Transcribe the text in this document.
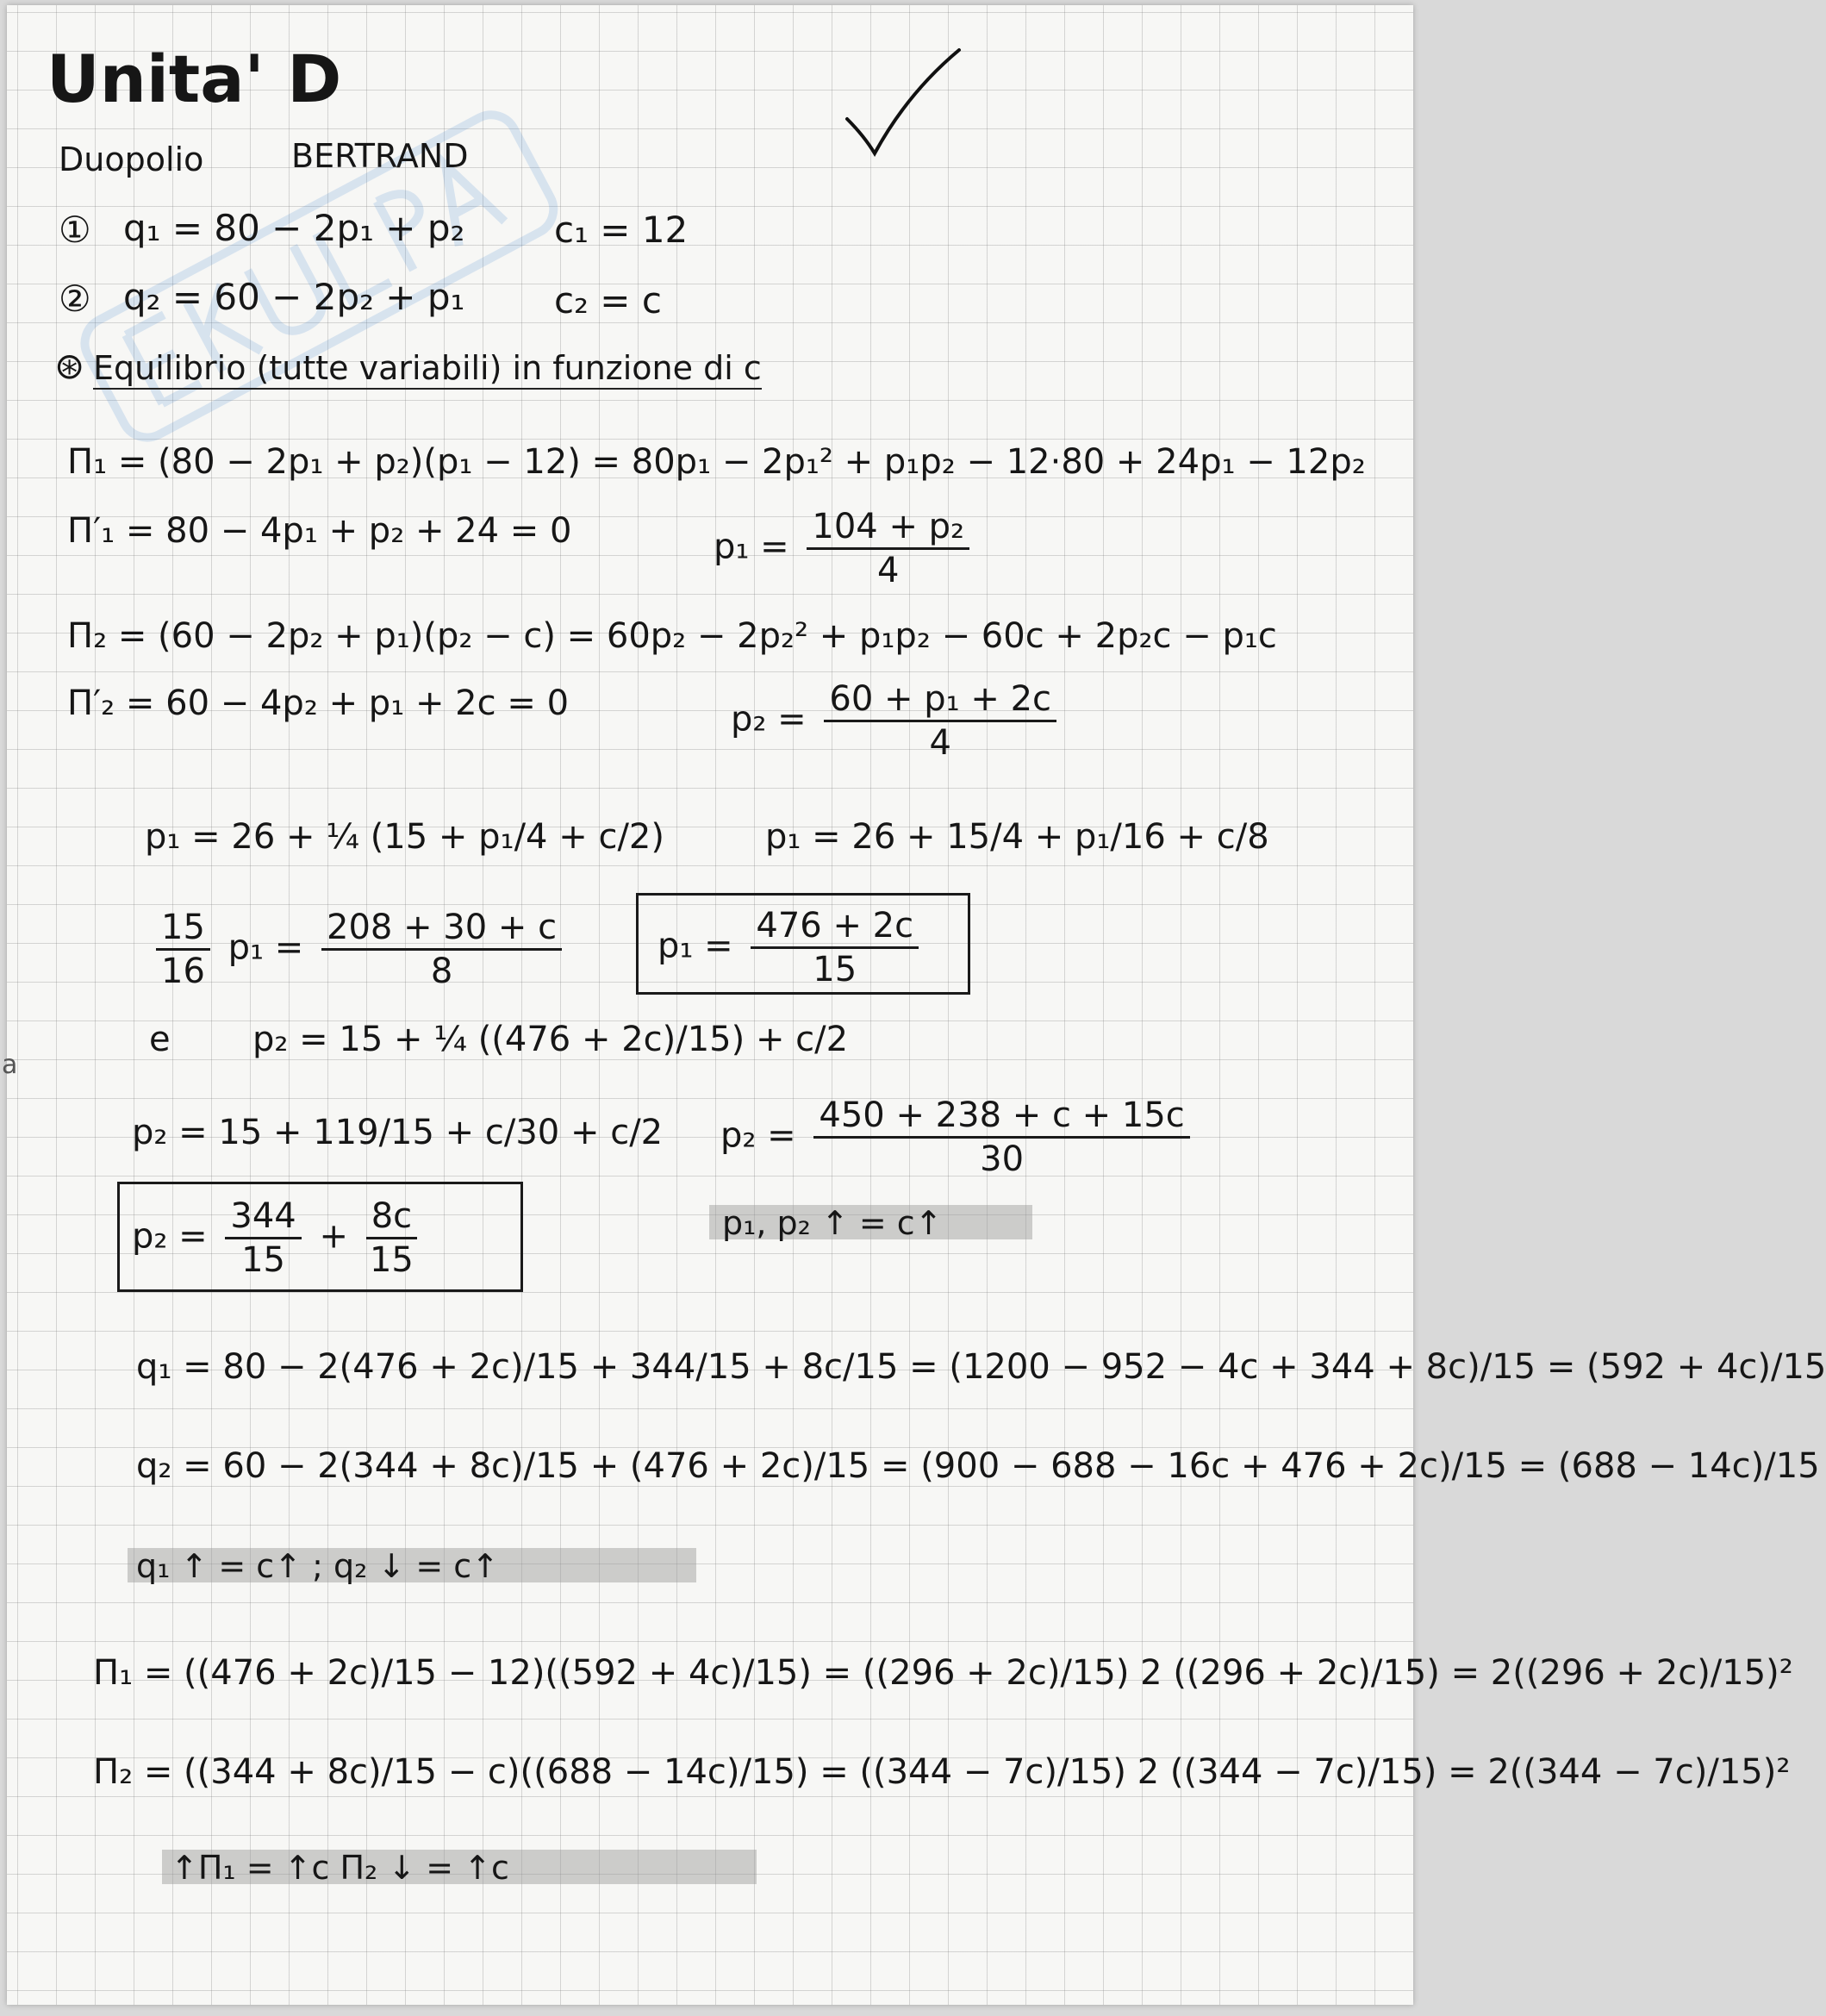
Unita' D
Duopolio	BERTRAND
① q₁ = 80 − 2p₁ + p₂ c₁ = 12
② q₂ = 60 − 2p₂ + p₁ c₂ = c
⊛ Equilibrio (tutte variabili) in funzione di c
Π₁ = (80 − 2p₁ + p₂)(p₁ − 12) = 80p₁ − 2p₁² + p₁p₂ − 12·80 + 24p₁ − 12p₂
Π′₁ = 80 − 4p₁ + p₂ + 24 = 0	$p_1 = \frac{\text{104 + p₂}}{4}$
Π₂ = (60 − 2p₂ + p₁)(p₂ − c) = 60p₂ − 2p₂² + p₁p₂ − 60c + 2p₂c − p₁c
Π′₂ = 60 − 4p₂ + p₁ + 2c = 0	$p_2 = \frac{\text{60 + p₁ + 2c}}{4}$
p₁ = 26 + ¼ (15 + p₁/4 + c/2)	p₁ = 26 + 15/4 + p₁/16 + c/8
$\frac{15}{16} p_1 = \frac{208 + 30 + c}{8}$	$p_1 = \frac{476 + 2c}{15}$
e p₂ = 15 + ¼ ((476 + 2c)/15) + c/2
p₂ = 15 + 119/15 + c/30 + c/2 $p_2 = \frac{450 + 238 + c + 15c}{30}$
$p_2 = \frac{344}{15} + \frac{8c}{15}$	p₁, p₂ ↑ = c↑
q₁ = 80 − 2(476 + 2c)/15 + 344/15 + 8c/15 = (1200 − 952 − 4c + 344 + 8c)/15 = (592 + 4c)/15
q₂ = 60 − 2(344 + 8c)/15 + (476 + 2c)/15 = (900 − 688 − 16c + 476 + 2c)/15 = (688 − 14c)/15
q₁ ↑ = c↑ ; q₂ ↓ = c↑
Π₁ = ((476 + 2c)/15 − 12)((592 + 4c)/15) = ((296 + 2c)/15) 2 ((296 + 2c)/15) = 2((296 + 2c)/15)²
Π₂ = ((344 + 8c)/15 − c)((688 − 14c)/15) = ((344 − 7c)/15) 2 ((344 − 7c)/15) = 2((344 − 7c)/15)²
↑Π₁ = ↑c Π₂ ↓ = ↑c
a
